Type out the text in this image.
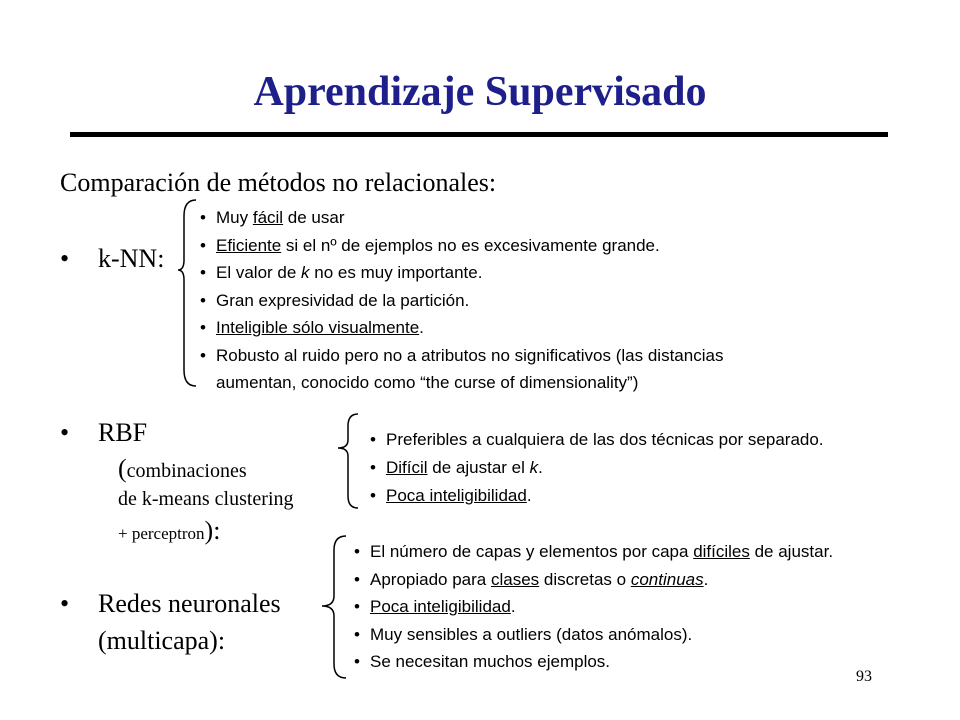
Aprendizaje Supervisado
Comparación de métodos no relacionales:
• k-NN:
• Muy fácil de usar
• Eficiente si el nº de ejemplos no es excesivamente grande.
• El valor de k no es muy importante.
• Gran expresividad de la partición.
• Inteligible sólo visualmente.
• Robusto al ruido pero no a atributos no significativos (las distancias
aumentan, conocido como “the curse of dimensionality”)
• RBF
(combinaciones
de k-means clustering
+ perceptron):
• Preferibles a cualquiera de las dos técnicas por separado.
• Difícil de ajustar el k.
• Poca inteligibilidad.
• Redes neuronales
(multicapa):
• El número de capas y elementos por capa difíciles de ajustar.
• Apropiado para clases discretas o continuas.
• Poca inteligibilidad.
• Muy sensibles a outliers (datos anómalos).
• Se necesitan muchos ejemplos.
93
